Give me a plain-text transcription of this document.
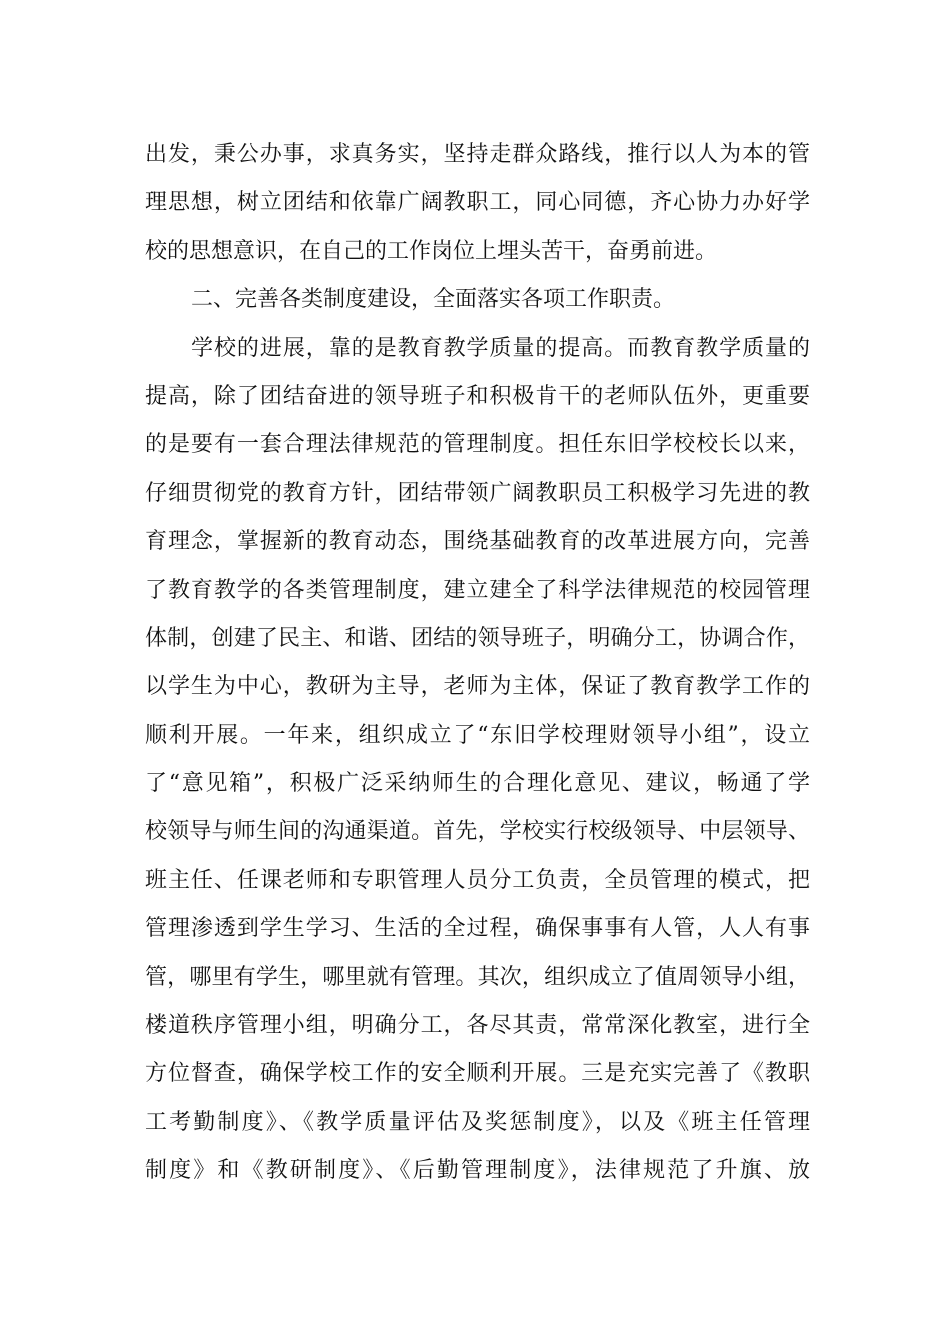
出发，秉公办事，求真务实，坚持走群众路线，推行以人为本的管
理思想，树立团结和依靠广阔教职工，同心同德，齐心协力办好学
校的思想意识，在自己的工作岗位上埋头苦干，奋勇前进。
二、完善各类制度建设，全面落实各项工作职责。
学校的进展，靠的是教育教学质量的提高。而教育教学质量的
提高，除了团结奋进的领导班子和积极肯干的老师队伍外，更重要
的是要有一套合理法律规范的管理制度。担任东旧学校校长以来，
仔细贯彻党的教育方针，团结带领广阔教职员工积极学习先进的教
育理念，掌握新的教育动态，围绕基础教育的改革进展方向，完善
了教育教学的各类管理制度，建立建全了科学法律规范的校园管理
体制，创建了民主、和谐、团结的领导班子，明确分工，协调合作，
以学生为中心，教研为主导，老师为主体，保证了教育教学工作的
顺利开展。一年来，组织成立了“东旧学校理财领导小组”，设立
了“意见箱”，积极广泛采纳师生的合理化意见、建议，畅通了学
校领导与师生间的沟通渠道。首先，学校实行校级领导、中层领导、
班主任、任课老师和专职管理人员分工负责，全员管理的模式，把
管理渗透到学生学习、生活的全过程，确保事事有人管，人人有事
管，哪里有学生，哪里就有管理。其次，组织成立了值周领导小组，
楼道秩序管理小组，明确分工，各尽其责，常常深化教室，进行全
方位督查，确保学校工作的安全顺利开展。三是充实完善了《教职
工考勤制度》、《教学质量评估及奖惩制度》，以及《班主任管理
制度》和《教研制度》、《后勤管理制度》，法律规范了升旗、放
